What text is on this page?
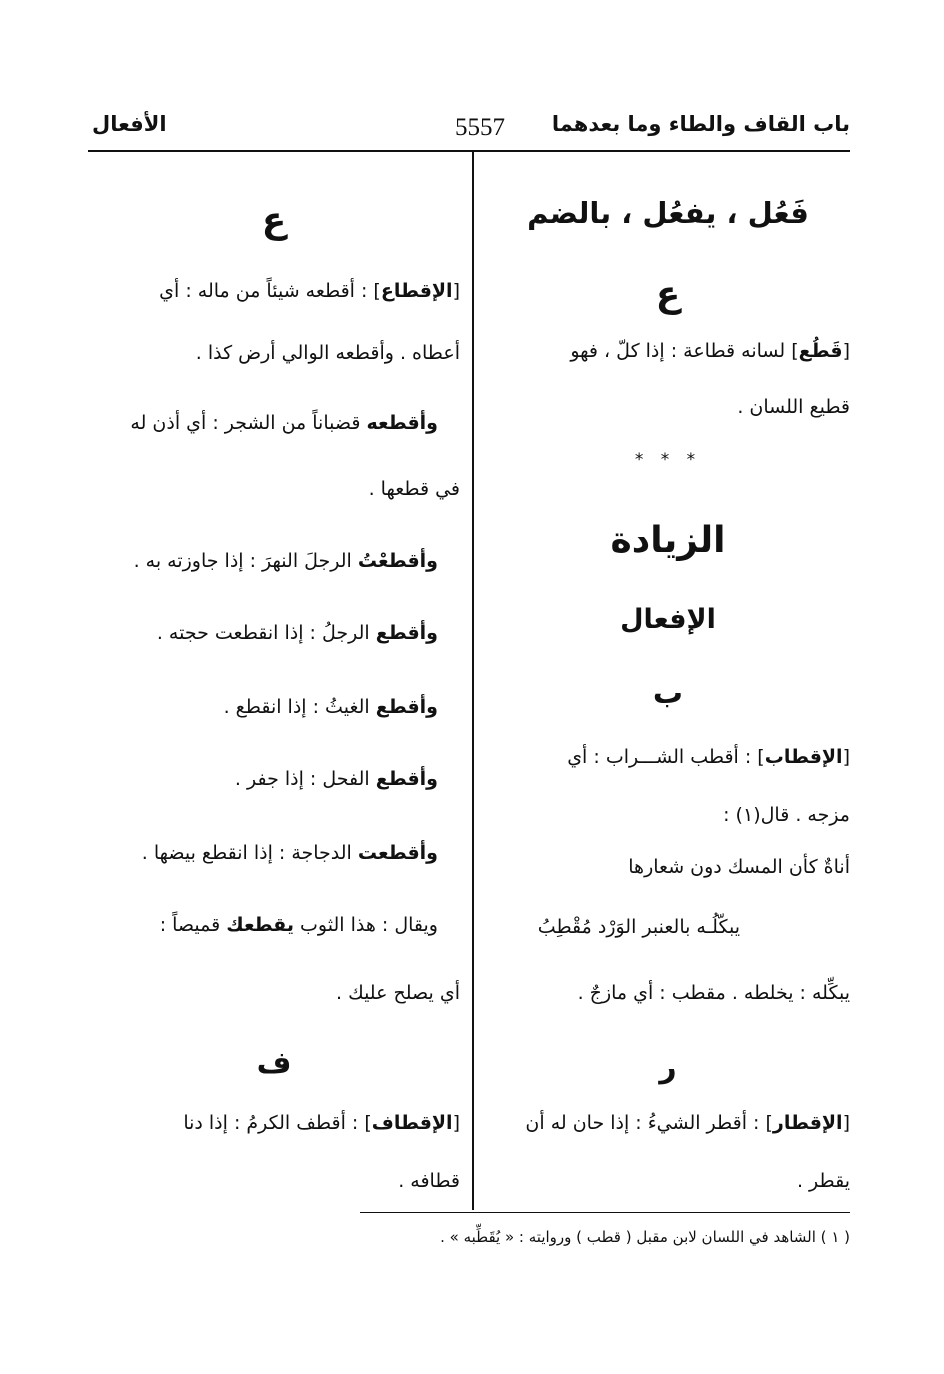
باب القاف والطاء وما بعدهما
5557
الأفعال
فَعُل ، يفعُل ، بالضم
ع
[قَطُع] لسانه قطاعة : إذا كلّ ، فهو
قطيع اللسان .
* * *
الزيادة
الإفعال
ب
[الإقطاب] : أقطب الشـــراب : أي
مزجه . قال(١) :
أناةٌ كأن المسك دون شعارها
يبكّلُـه بالعنبر الوَرْد مُقْطِبُ
يبكِّله : يخلطه . مقطب : أي مازجٌ .
ر
[الإقطار] : أقطر الشيءُ : إذا حان له أن
يقطر .
ع
[الإقطاع] : أقطعه شيئاً من ماله : أي
أعطاه . وأقطعه الوالي أرض كذا .
وأقطعه قضباناً من الشجر : أي أذن له
في قطعها .
وأقطعْتُ الرجلَ النهرَ : إذا جاوزته به .
وأقطع الرجلُ : إذا انقطعت حجته .
وأقطع الغيثُ : إذا انقطع .
وأقطع الفحل : إذا جفر .
وأقطعت الدجاجة : إذا انقطع بيضها .
ويقال : هذا الثوب يقطعك قميصاً :
أي يصلح عليك .
ف
[الإقطاف] : أقطف الكرمُ : إذا دنا
قطافه .
( ١ ) الشاهد في اللسان لابن مقبل ( قطب ) وروايته : « يُقَطِّبه » .
